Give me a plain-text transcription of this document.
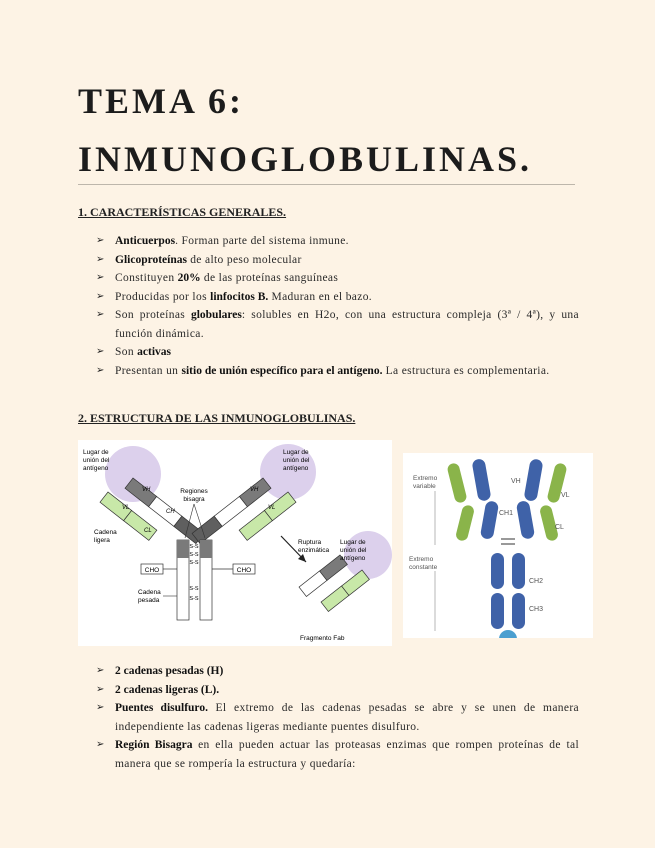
TEMA 6:
INMUNOGLOBULINAS.
1. CARACTERÍSTICAS GENERALES.
➢ Anticuerpos. Forman parte del sistema inmune.
➢ Glicoproteínas de alto peso molecular
➢ Constituyen 20% de las proteínas sanguíneas
➢ Producidas por los linfocitos B. Maduran en el bazo.
➢ Son proteínas globulares: solubles en H2o, con una estructura compleja (3ª / 4ª), y una función dinámica.
➢ Son activas
➢ Presentan un sitio de unión específico para el antígeno. La estructura es complementaria.
2. ESTRUCTURA DE LAS INMUNOGLOBULINAS.
CHO	CHO
S-S
S-S
S-S
S-S
S-S
Lugar de
unión del
antígeno
Lugar de
unión del
antígeno
Regiones
bisagra
Cadena
ligera
Cadena
pesada
VH
VL
CH
CL
VH
VL
Ruptura
enzimática
Lugar de
unión del
antígeno
Fragmento Fab
Extremo
variable
Extremo
constante
VH
VL
CL
CH1
CH2
CH3
➢ 2 cadenas pesadas (H)
➢ 2 cadenas ligeras (L).
➢ Puentes disulfuro. El extremo de las cadenas pesadas se abre y se unen de manera independiente las cadenas ligeras mediante puentes disulfuro.
➢ Región Bisagra en ella pueden actuar las proteasas enzimas que rompen proteínas de tal manera que se rompería la estructura y quedaría:
